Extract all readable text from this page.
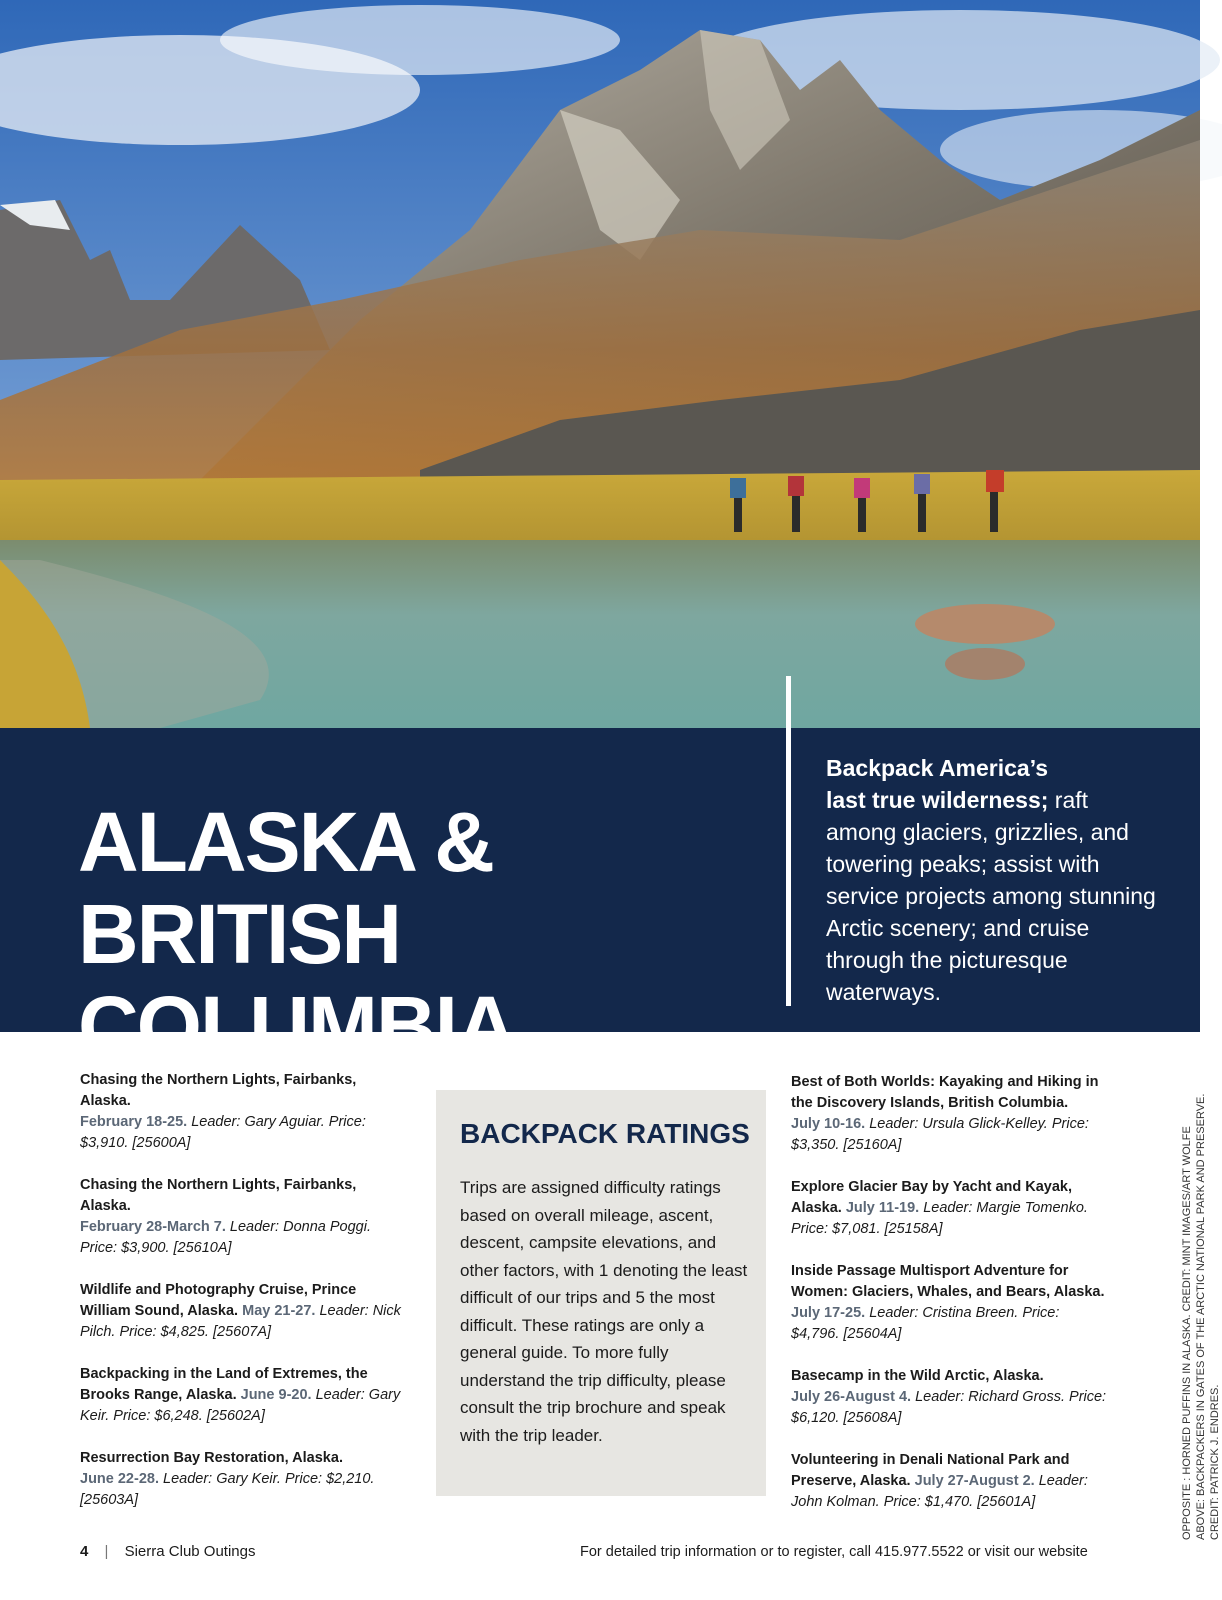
ALASKA &
BRITISH COLUMBIA

Backpack America’s
last true wilderness; raft among glaciers, grizzlies, and towering peaks; assist with service projects among stunning Arctic scenery; and cruise through the picturesque waterways.

Chasing the Northern Lights, Fairbanks, Alaska.
February 18-25. Leader: Gary Aguiar. Price: $3,910. [25600A]
Chasing the Northern Lights, Fairbanks, Alaska.
February 28-March 7. Leader: Donna Poggi. Price: $3,900. [25610A]
Wildlife and Photography Cruise, Prince William Sound, Alaska. May 21-27. Leader: Nick Pilch. Price: $4,825. [25607A]
Backpacking in the Land of Extremes, the Brooks Range, Alaska. June 9-20. Leader: Gary Keir. Price: $6,248. [25602A]
Resurrection Bay Restoration, Alaska.
June 22-28. Leader: Gary Keir. Price: $2,210. [25603A]
BACKPACK RATINGS

Trips are assigned difficulty ratings based on overall mileage, ascent, descent, campsite elevations, and other factors, with 1 denoting the least difficult of our trips and 5 the most difficult. These ratings are only a general guide. To more fully understand the trip difficulty, please consult the trip brochure and speak with the trip leader.

Best of Both Worlds: Kayaking and Hiking in the Discovery Islands, British Columbia.
July 10-16. Leader: Ursula Glick-Kelley. Price: $3,350. [25160A]
Explore Glacier Bay by Yacht and Kayak, Alaska. July 11-19. Leader: Margie Tomenko. Price: $7,081. [25158A]
Inside Passage Multisport Adventure for Women: Glaciers, Whales, and Bears, Alaska.
July 17-25. Leader: Cristina Breen. Price: $4,796. [25604A]
Basecamp in the Wild Arctic, Alaska.
July 26-August 4. Leader: Richard Gross. Price: $6,120. [25608A]
Volunteering in Denali National Park and Preserve, Alaska. July 27-August 2. Leader: John Kolman. Price: $1,470. [25601A]
4 | Sierra Club Outings	For detailed trip information or to register, call 415.977.5522 or visit our website
OPPOSITE : HORNED PUFFINS IN ALASKA. CREDIT: MINT IMAGES/ART WOLFE ABOVE: BACKPACKERS IN GATES OF THE ARCTIC NATIONAL PARK AND PRESERVE. CREDIT: PATRICK J. ENDRES.
